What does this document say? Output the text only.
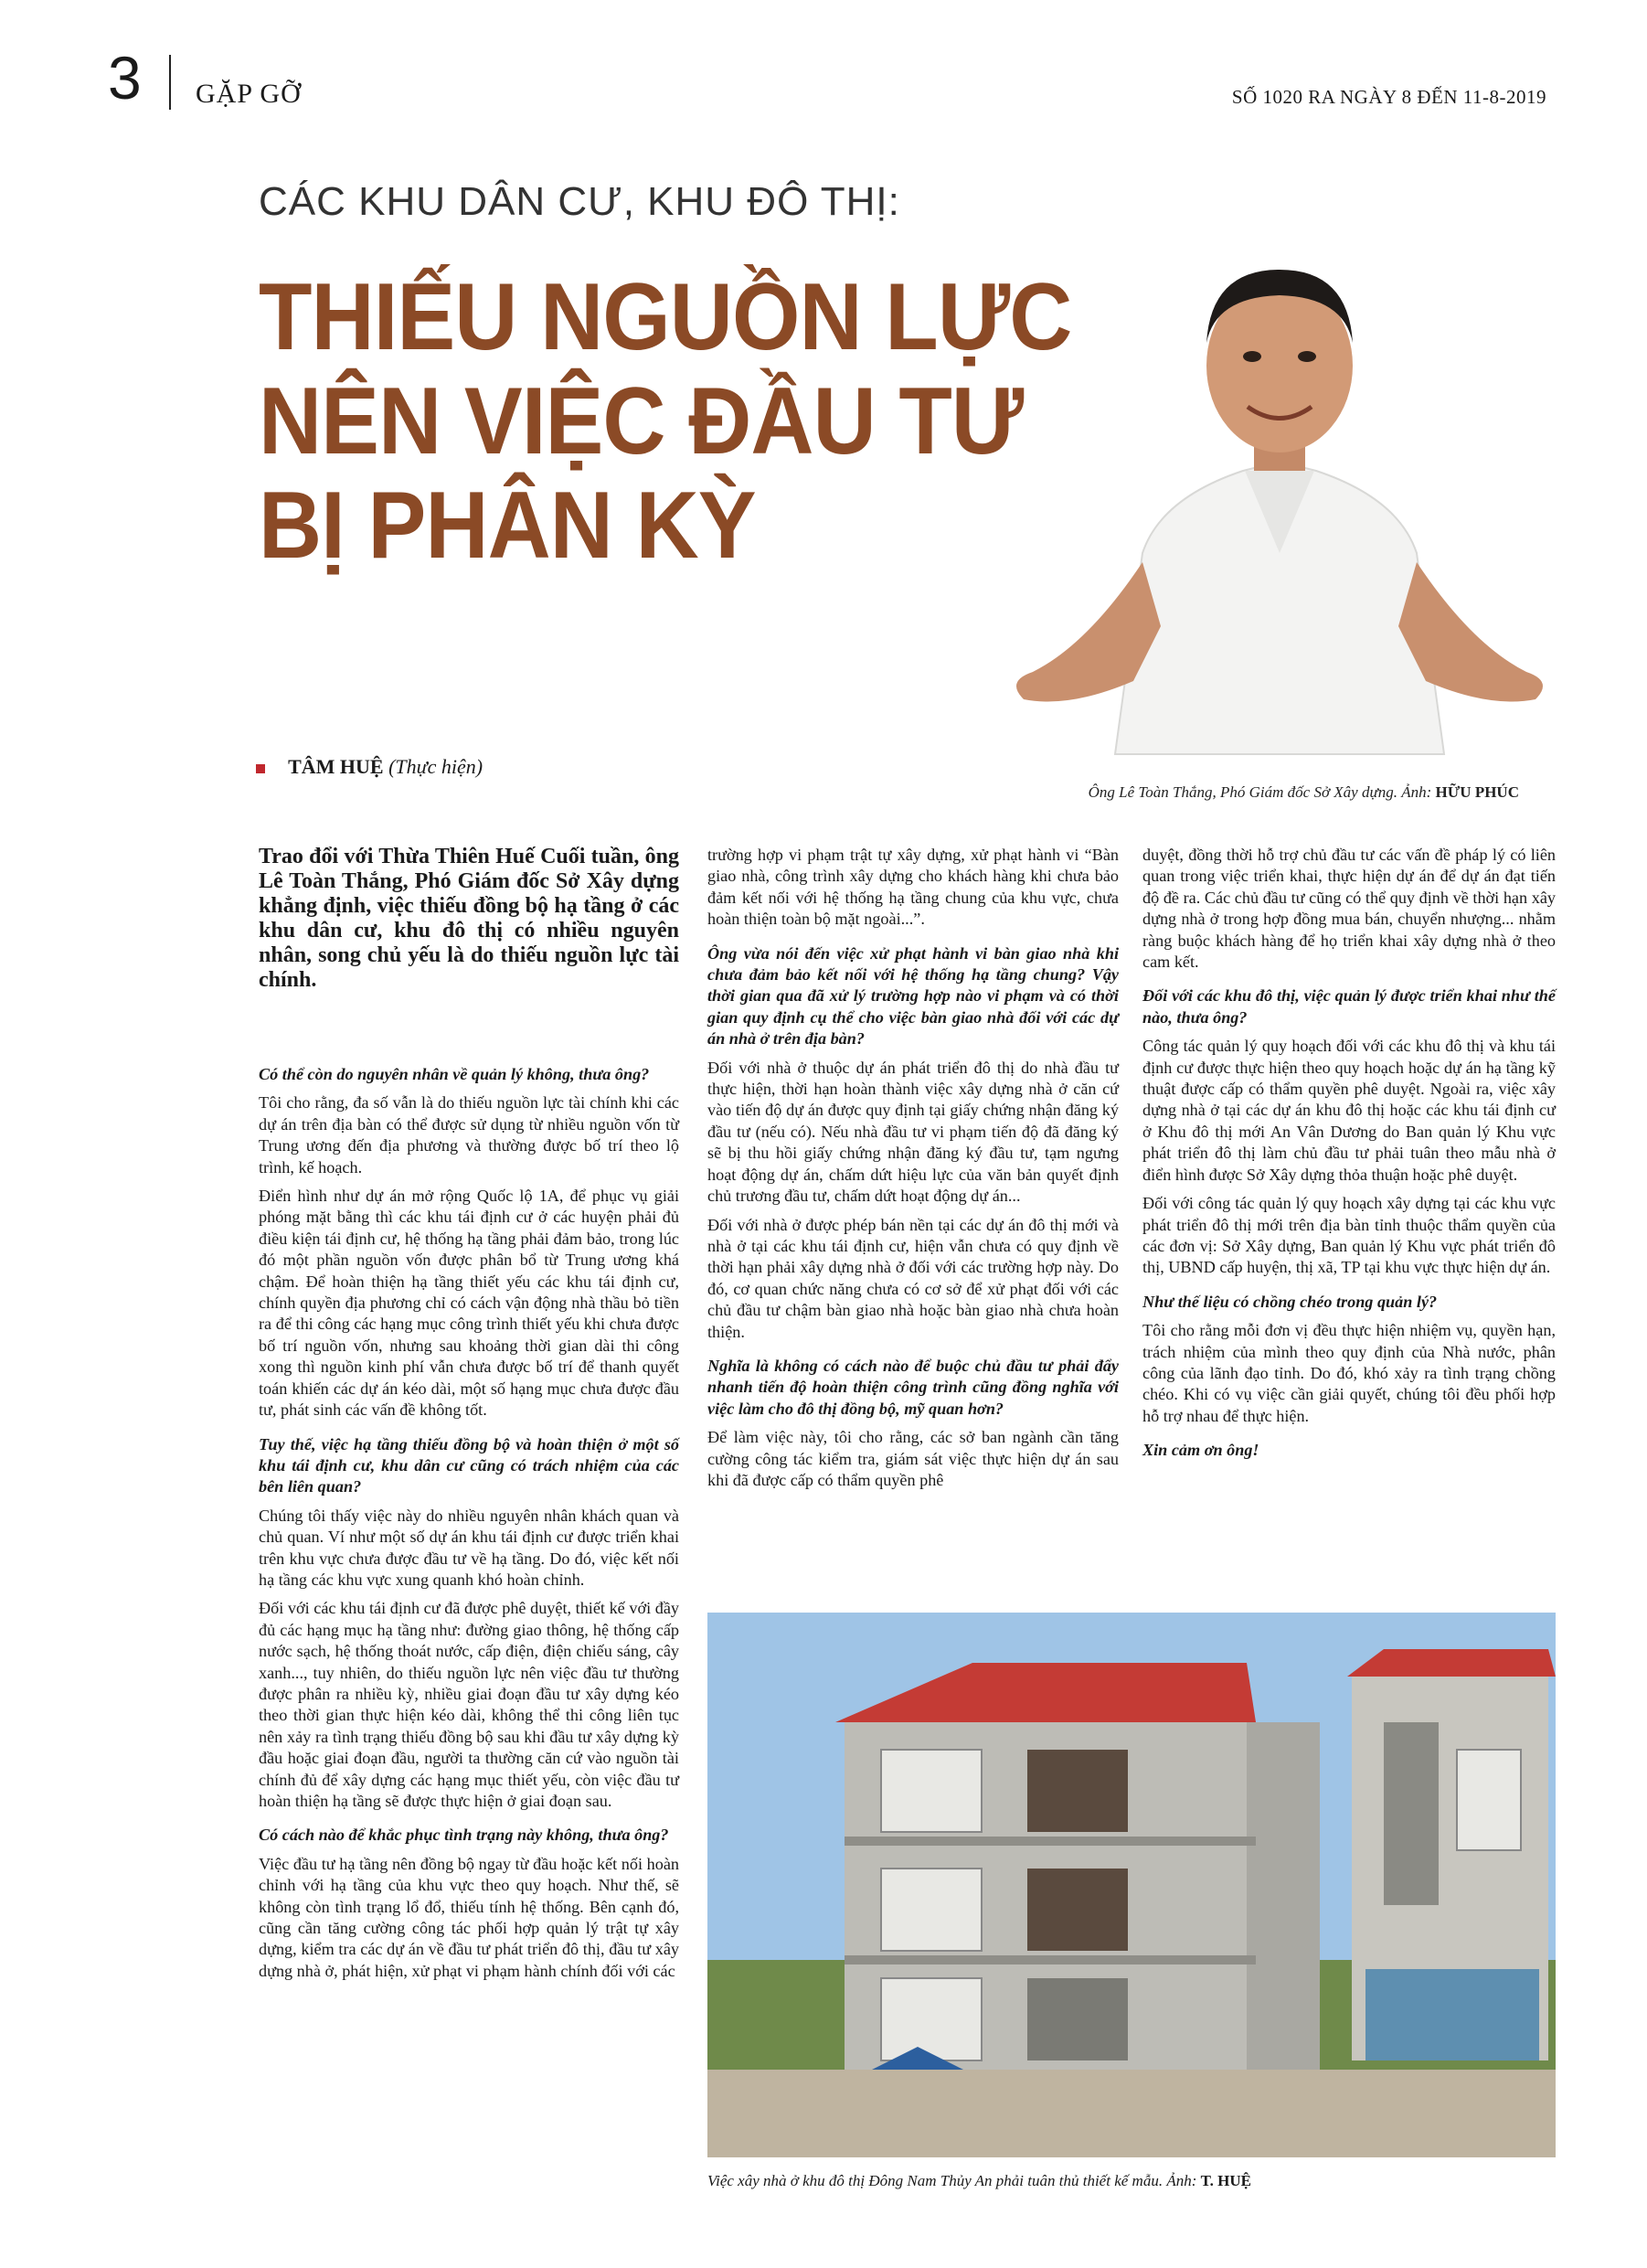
3 GẶP GỠ	SỐ 1020 RA NGÀY 8 ĐẾN 11-8-2019
CÁC KHU DÂN CƯ, KHU ĐÔ THỊ:
THIẾU NGUỒN LỰC
NÊN VIỆC ĐẦU TƯ
BỊ PHÂN KỲ
TÂM HUỆ (Thực hiện)
Ông Lê Toàn Thắng, Phó Giám đốc Sở Xây dựng. Ảnh: HỮU PHÚC
Trao đổi với Thừa Thiên Huế Cuối tuần, ông Lê Toàn Thắng, Phó Giám đốc Sở Xây dựng khẳng định, việc thiếu đồng bộ hạ tầng ở các khu dân cư, khu đô thị có nhiều nguyên nhân, song chủ yếu là do thiếu nguồn lực tài chính.

Có thể còn do nguyên nhân về quản lý không, thưa ông?

Tôi cho rằng, đa số vẫn là do thiếu nguồn lực tài chính khi các dự án trên địa bàn có thể được sử dụng từ nhiều nguồn vốn từ Trung ương đến địa phương và thường được bố trí theo lộ trình, kế hoạch.

Điển hình như dự án mở rộng Quốc lộ 1A, để phục vụ giải phóng mặt bằng thì các khu tái định cư ở các huyện phải đủ điều kiện tái định cư, hệ thống hạ tầng phải đảm bảo, trong lúc đó một phần nguồn vốn được phân bổ từ Trung ương khá chậm. Để hoàn thiện hạ tầng thiết yếu các khu tái định cư, chính quyền địa phương chỉ có cách vận động nhà thầu bỏ tiền ra để thi công các hạng mục công trình thiết yếu khi chưa được bố trí nguồn vốn, nhưng sau khoảng thời gian dài thi công xong thì nguồn kinh phí vẫn chưa được bố trí để thanh quyết toán khiến các dự án kéo dài, một số hạng mục chưa được đầu tư, phát sinh các vấn đề không tốt.

Tuy thế, việc hạ tầng thiếu đồng bộ và hoàn thiện ở một số khu tái định cư, khu dân cư cũng có trách nhiệm của các bên liên quan?

Chúng tôi thấy việc này do nhiều nguyên nhân khách quan và chủ quan. Ví như một số dự án khu tái định cư được triển khai trên khu vực chưa được đầu tư về hạ tầng. Do đó, việc kết nối hạ tầng các khu vực xung quanh khó hoàn chỉnh.

Đối với các khu tái định cư đã được phê duyệt, thiết kế với đầy đủ các hạng mục hạ tầng như: đường giao thông, hệ thống cấp nước sạch, hệ thống thoát nước, cấp điện, điện chiếu sáng, cây xanh..., tuy nhiên, do thiếu nguồn lực nên việc đầu tư thường được phân ra nhiều kỳ, nhiều giai đoạn đầu tư xây dựng kéo theo thời gian thực hiện kéo dài, không thể thi công liên tục nên xảy ra tình trạng thiếu đồng bộ sau khi đầu tư xây dựng kỳ đầu hoặc giai đoạn đầu, người ta thường căn cứ vào nguồn tài chính đủ để xây dựng các hạng mục thiết yếu, còn việc đầu tư hoàn thiện hạ tầng sẽ được thực hiện ở giai đoạn sau.

Có cách nào để khắc phục tình trạng này không, thưa ông?

Việc đầu tư hạ tầng nên đồng bộ ngay từ đầu hoặc kết nối hoàn chỉnh với hạ tầng của khu vực theo quy hoạch. Như thế, sẽ không còn tình trạng lổ đổ, thiếu tính hệ thống. Bên cạnh đó, cũng cần tăng cường công tác phối hợp quản lý trật tự xây dựng, kiểm tra các dự án về đầu tư phát triển đô thị, đầu tư xây dựng nhà ở, phát hiện, xử phạt vi phạm hành chính đối với các

trường hợp vi phạm trật tự xây dựng, xử phạt hành vi “Bàn giao nhà, công trình xây dựng cho khách hàng khi chưa bảo đảm kết nối với hệ thống hạ tầng chung của khu vực, chưa hoàn thiện toàn bộ mặt ngoài...”.

Ông vừa nói đến việc xử phạt hành vi bàn giao nhà khi chưa đảm bảo kết nối với hệ thống hạ tầng chung? Vậy thời gian qua đã xử lý trường hợp nào vi phạm và có thời gian quy định cụ thể cho việc bàn giao nhà đối với các dự án nhà ở trên địa bàn?

Đối với nhà ở thuộc dự án phát triển đô thị do nhà đầu tư thực hiện, thời hạn hoàn thành việc xây dựng nhà ở căn cứ vào tiến độ dự án được quy định tại giấy chứng nhận đăng ký đầu tư (nếu có). Nếu nhà đầu tư vi phạm tiến độ đã đăng ký sẽ bị thu hồi giấy chứng nhận đăng ký đầu tư, tạm ngưng hoạt động dự án, chấm dứt hiệu lực của văn bản quyết định chủ trương đầu tư, chấm dứt hoạt động dự án...

Đối với nhà ở được phép bán nền tại các dự án đô thị mới và nhà ở tại các khu tái định cư, hiện vẫn chưa có quy định về thời hạn phải xây dựng nhà ở đối với các trường hợp này. Do đó, cơ quan chức năng chưa có cơ sở để xử phạt đối với các chủ đầu tư chậm bàn giao nhà hoặc bàn giao nhà chưa hoàn thiện.

Nghĩa là không có cách nào để buộc chủ đầu tư phải đẩy nhanh tiến độ hoàn thiện công trình cũng đồng nghĩa với việc làm cho đô thị đồng bộ, mỹ quan hơn?

Để làm việc này, tôi cho rằng, các sở ban ngành cần tăng cường công tác kiểm tra, giám sát việc thực hiện dự án sau khi đã được cấp có thẩm quyền phê

duyệt, đồng thời hỗ trợ chủ đầu tư các vấn đề pháp lý có liên quan trong việc triển khai, thực hiện dự án để dự án đạt tiến độ đề ra. Các chủ đầu tư cũng có thể quy định về thời hạn xây dựng nhà ở trong hợp đồng mua bán, chuyển nhượng... nhằm ràng buộc khách hàng để họ triển khai xây dựng nhà ở theo cam kết.

Đối với các khu đô thị, việc quản lý được triển khai như thế nào, thưa ông?

Công tác quản lý quy hoạch đối với các khu đô thị và khu tái định cư được thực hiện theo quy hoạch hoặc dự án hạ tầng kỹ thuật được cấp có thẩm quyền phê duyệt. Ngoài ra, việc xây dựng nhà ở tại các dự án khu đô thị hoặc các khu tái định cư ở Khu đô thị mới An Vân Dương do Ban quản lý Khu vực phát triển đô thị làm chủ đầu tư phải tuân theo mẫu nhà ở điển hình được Sở Xây dựng thỏa thuận hoặc phê duyệt.

Đối với công tác quản lý quy hoạch xây dựng tại các khu vực phát triển đô thị mới trên địa bàn tỉnh thuộc thẩm quyền của các đơn vị: Sở Xây dựng, Ban quản lý Khu vực phát triển đô thị, UBND cấp huyện, thị xã, TP tại khu vực thực hiện dự án.

Như thế liệu có chồng chéo trong quản lý?

Tôi cho rằng mỗi đơn vị đều thực hiện nhiệm vụ, quyền hạn, trách nhiệm của mình theo quy định của Nhà nước, phân công của lãnh đạo tỉnh. Do đó, khó xảy ra tình trạng chồng chéo. Khi có vụ việc cần giải quyết, chúng tôi đều phối hợp hỗ trợ nhau để thực hiện.

Xin cảm ơn ông!

Việc xây nhà ở khu đô thị Đông Nam Thủy An phải tuân thủ thiết kế mẫu. Ảnh: T. HUỆ
